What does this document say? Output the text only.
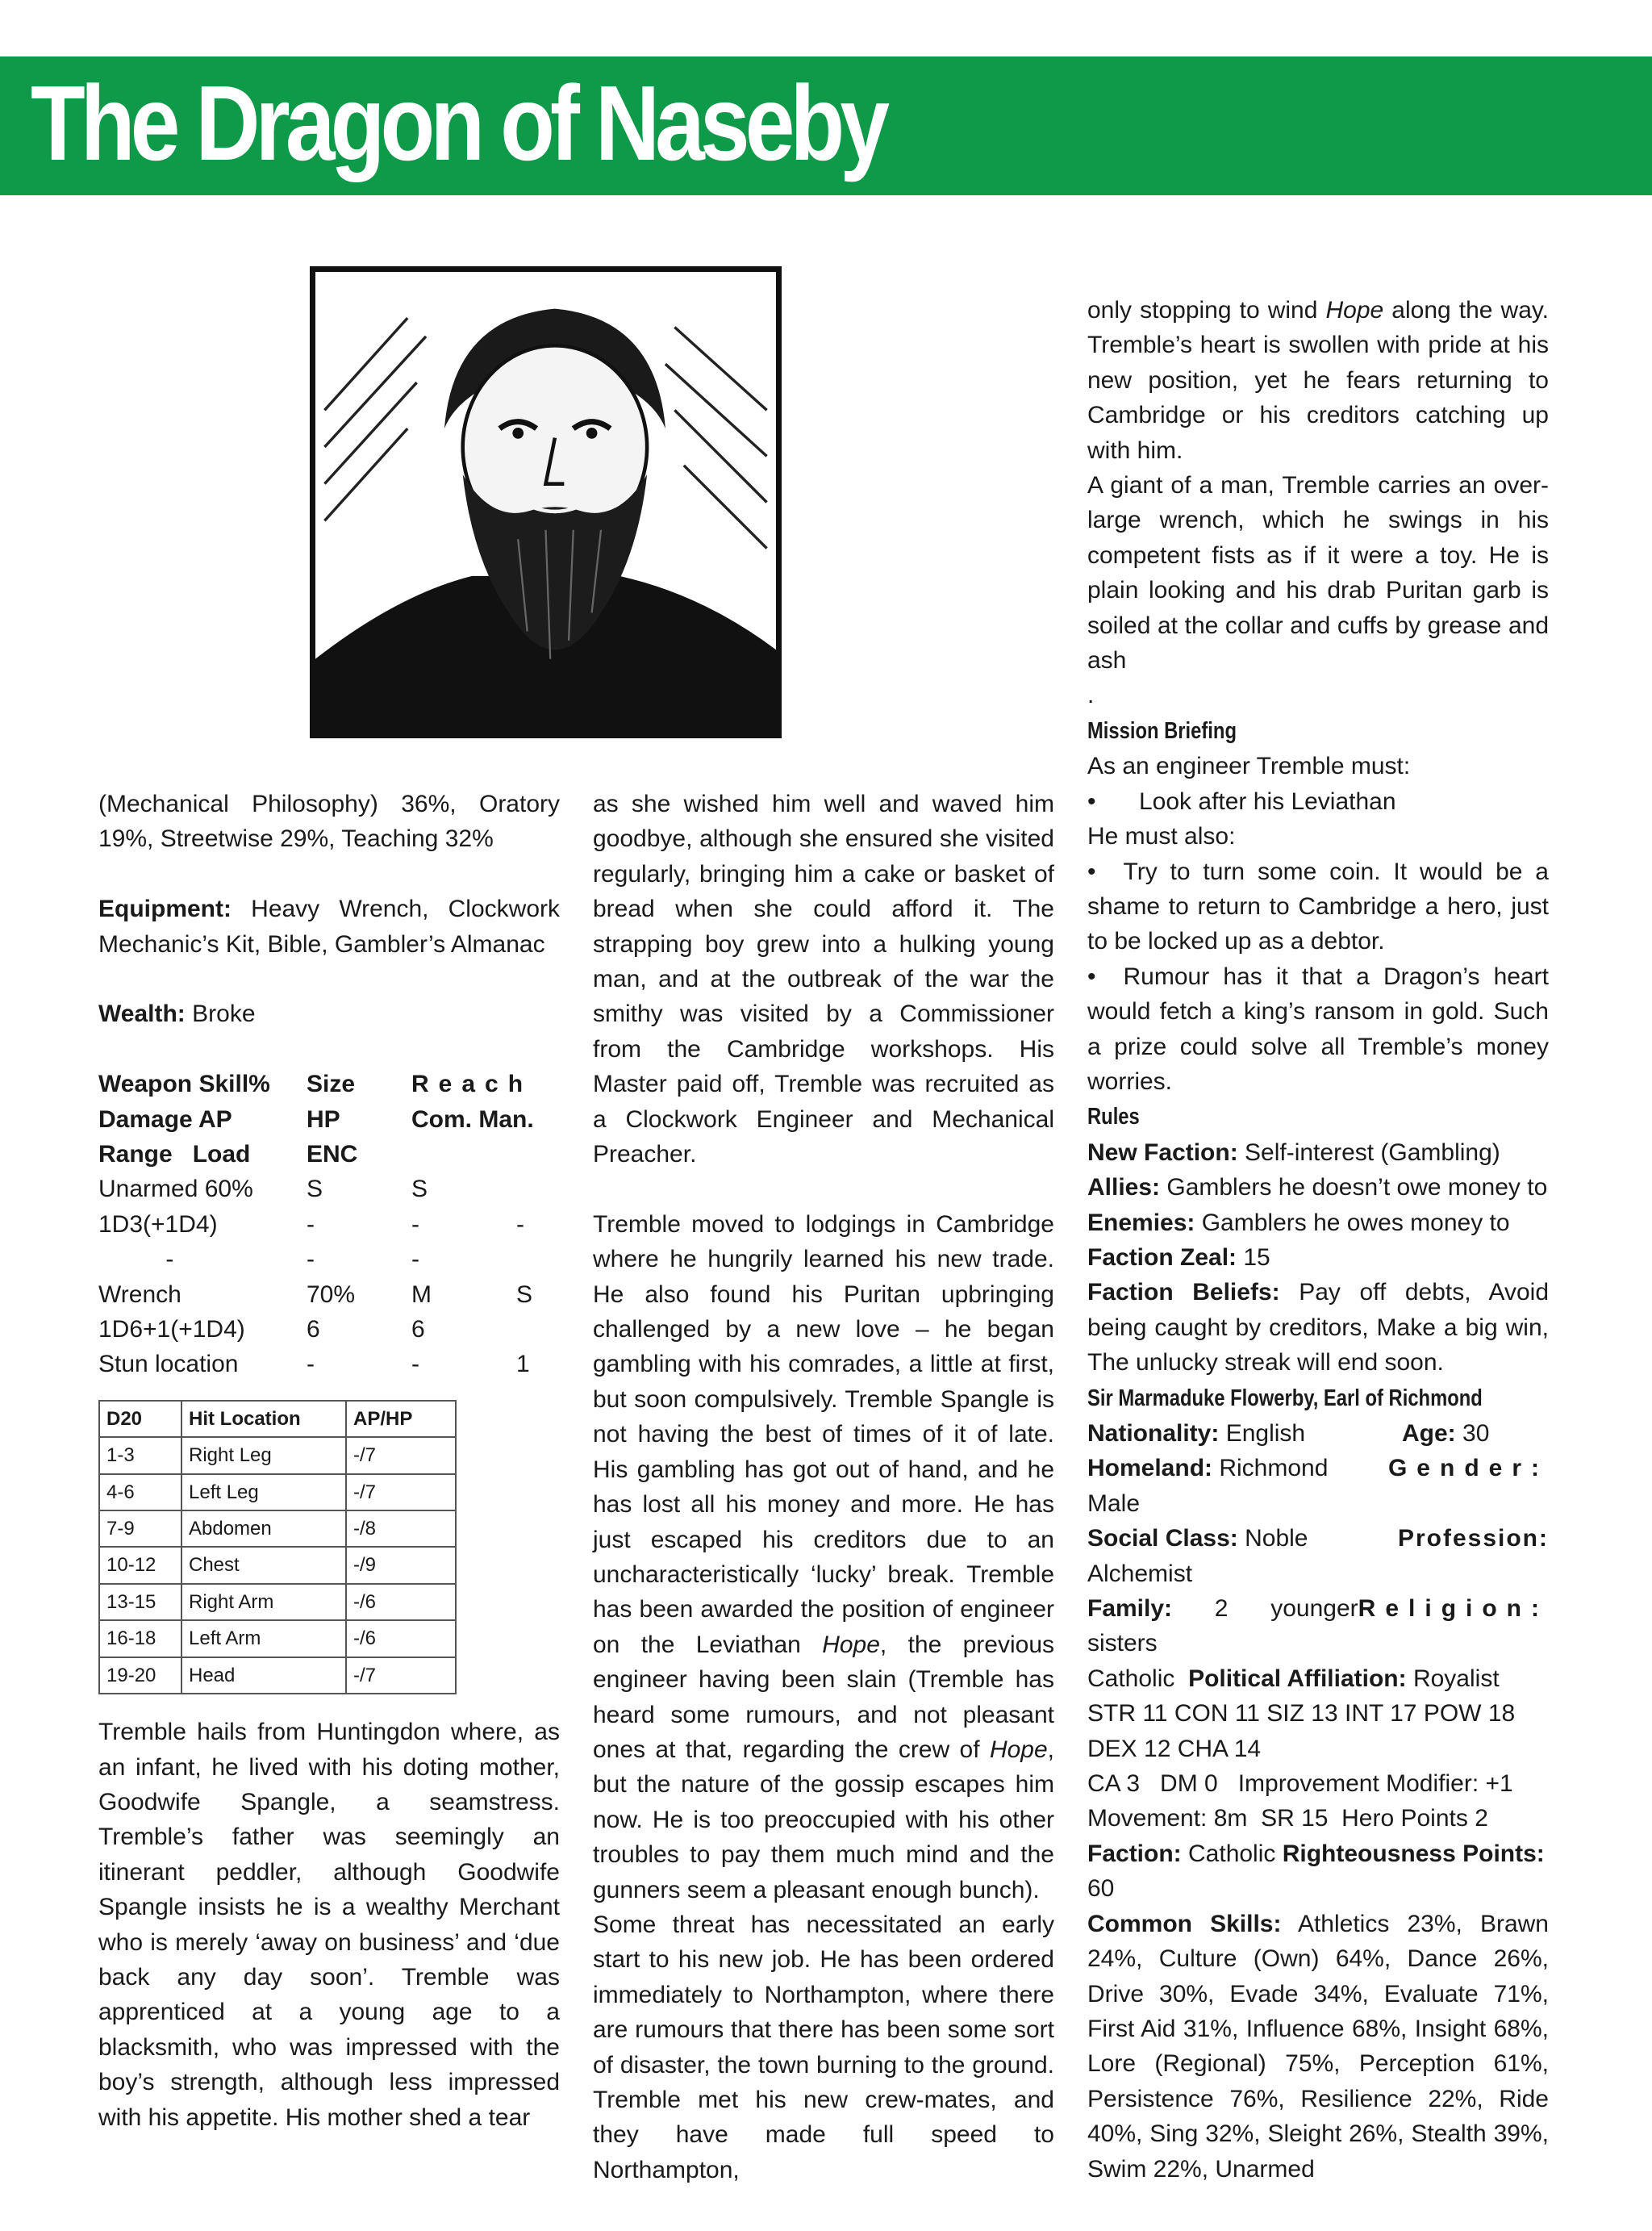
The Dragon of Naseby

(Mechanical Philosophy) 36%, Oratory 19%, Streetwise 29%, Teaching 32%

Equipment: Heavy Wrench, Clockwork Mechanic’s Kit, Bible, Gambler’s Almanac

Wealth: Broke

Weapon Skill%	Size	Reach
Damage AP	HP	Com. Man.
Range   Load	ENC
Unarmed 60%	S	S
1D3(+1D4)	-	-	-
-	-	-
Wrench	70%	M	S
1D6+1(+1D4)	6	6
Stun location	-	-	1
D20	Hit Location	AP/HP
1-3	Right Leg	-/7
4-6	Left Leg	-/7
7-9	Abdomen	-/8
10-12	Chest	-/9
13-15	Right Arm	-/6
16-18	Left Arm	-/6
19-20	Head	-/7

Tremble hails from Huntingdon where, as an infant, he lived with his doting mother, Goodwife Spangle, a seamstress. Tremble’s father was seemingly an itinerant peddler, although Goodwife Spangle insists he is a wealthy Merchant who is merely ‘away on business’ and ‘due back any day soon’. Tremble was apprenticed at a young age to a blacksmith, who was impressed with the boy’s strength, although less impressed with his appetite. His mother shed a tear

as she wished him well and waved him goodbye, although she ensured she visited regularly, bringing him a cake or basket of bread when she could afford it. The strapping boy grew into a hulking young man, and at the outbreak of the war the smithy was visited by a Commissioner from the Cambridge workshops. His Master paid off, Tremble was recruited as a Clockwork Engineer and Mechanical Preacher.

Tremble moved to lodgings in Cambridge where he hungrily learned his new trade. He also found his Puritan upbringing challenged by a new love – he began gambling with his comrades, a little at first, but soon compulsively. Tremble Spangle is not having the best of times of it of late. His gambling has got out of hand, and he has lost all his money and more. He has just escaped his creditors due to an uncharacteristically ‘lucky’ break. Tremble has been awarded the position of engineer on the Leviathan Hope, the previous engineer having been slain (Tremble has heard some rumours, and not pleasant ones at that, regarding the crew of Hope, but the nature of the gossip escapes him now. He is too preoccupied with his other troubles to pay them much mind and the gunners seem a pleasant enough bunch).

Some threat has necessitated an early start to his new job. He has been ordered immediately to Northampton, where there are rumours that there has been some sort of disaster, the town burning to the ground. Tremble met his new crew-mates, and they have made full speed to Northampton,

only stopping to wind Hope along the way. Tremble’s heart is swollen with pride at his new position, yet he fears returning to Cambridge or his creditors catching up with him.

A giant of a man, Tremble carries an over-large wrench, which he swings in his competent fists as if it were a toy. He is plain looking and his drab Puritan garb is soiled at the collar and cuffs by grease and ash

.

Mission Briefing

As an engineer Tremble must:

•	Look after his Leviathan

He must also:

• Try to turn some coin. It would be a shame to return to Cambridge a hero, just to be locked up as a debtor.

• Rumour has it that a Dragon’s heart would fetch a king’s ransom in gold. Such a prize could solve all Tremble’s money worries.

Rules

New Faction: Self-interest (Gambling)

Allies: Gamblers he doesn’t owe money to

Enemies: Gamblers he owes money to

Faction Zeal: 15

Faction Beliefs: Pay off debts, Avoid being caught by creditors, Make a big win, The unlucky streak will end soon.

Sir Marmaduke Flowerby, Earl of Richmond

Nationality: English	Age: 30
Homeland: Richmond Gender:

Male

Social Class: Noble	Profession:

Alchemist

Family: 2 younger sisters
Religion:

Catholic Political Affiliation: Royalist

STR 11 CON 11 SIZ 13 INT 17 POW 18 DEX 12 CHA 14

CA 3   DM 0   Improvement Modifier: +1

Movement: 8m  SR 15  Hero Points 2

Faction: Catholic Righteousness Points:

60

Common Skills: Athletics 23%, Brawn 24%, Culture (Own) 64%, Dance 26%, Drive 30%, Evade 34%, Evaluate 71%, First Aid 31%, Influence 68%, Insight 68%, Lore (Regional) 75%, Perception 61%, Persistence 76%, Resilience 22%, Ride 40%, Sing 32%, Sleight 26%, Stealth 39%, Swim 22%, Unarmed
